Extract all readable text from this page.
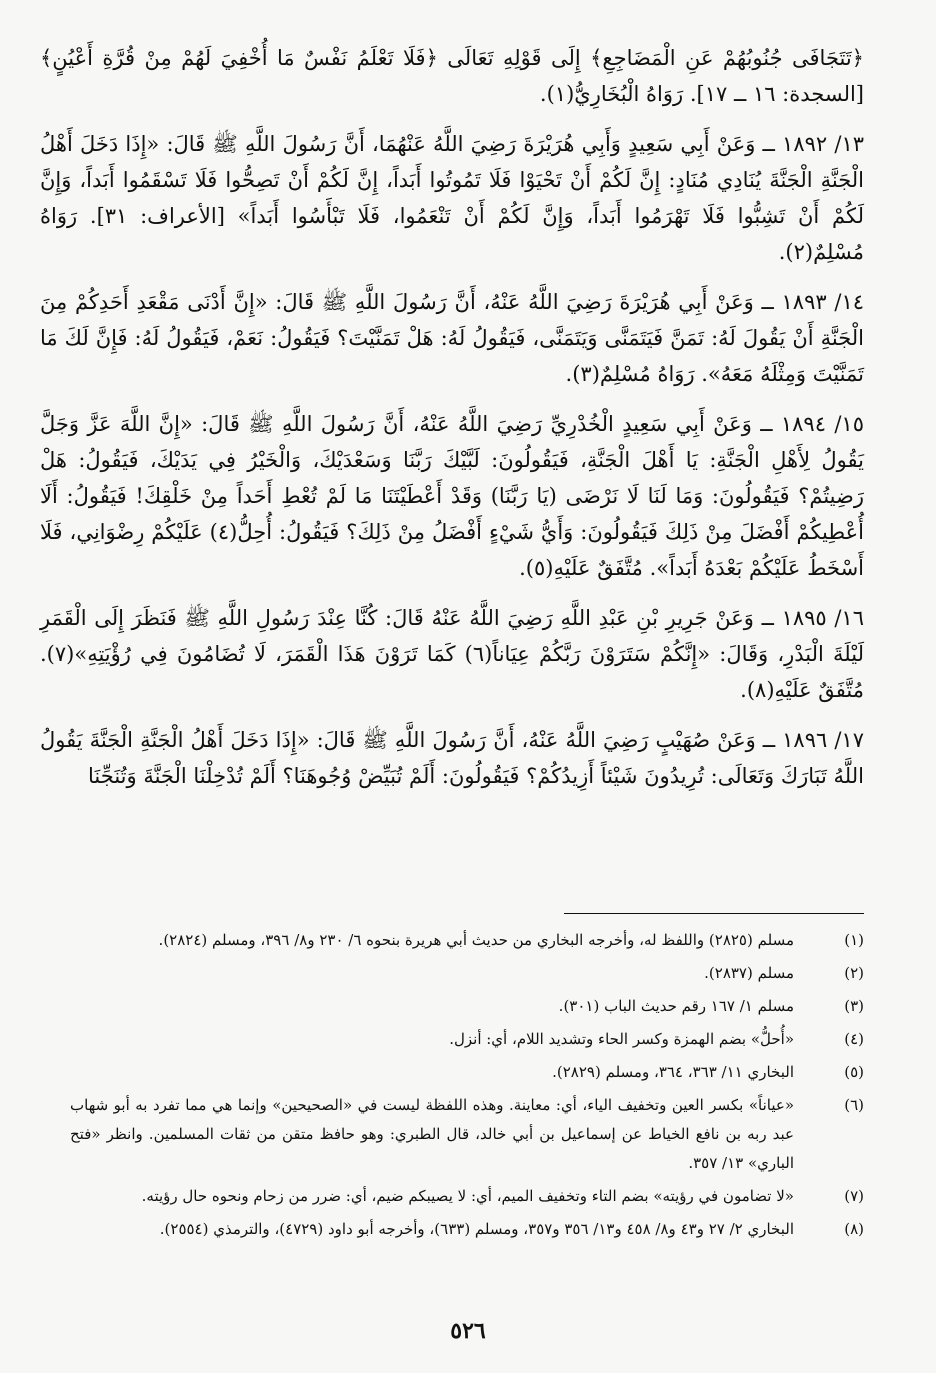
﴿تَتَجَافَى جُنُوبُهُمْ عَنِ الْمَضَاجِعِ﴾ إِلَى قَوْلِهِ تَعَالَى ﴿فَلَا تَعْلَمُ نَفْسٌ مَا أُخْفِيَ لَهُمْ مِنْ قُرَّةِ أَعْيُنٍ﴾ [السجدة: ١٦ ــ ١٧]. رَوَاهُ الْبُخَارِيُّ(١).

١٣/ ١٨٩٢ ــ وَعَنْ أَبِي سَعِيدٍ وَأَبِي هُرَيْرَةَ رَضِيَ اللَّهُ عَنْهُمَا، أَنَّ رَسُولَ اللَّهِ ﷺ قَالَ: «إِذَا دَخَلَ أَهْلُ الْجَنَّةِ الْجَنَّةَ يُنَادِي مُنَادٍ: إِنَّ لَكُمْ أَنْ تَحْيَوْا فَلَا تَمُوتُوا أَبَداً، إِنَّ لَكُمْ أَنْ تَصِحُّوا فَلَا تَسْقَمُوا أَبَداً، وَإِنَّ لَكُمْ أَنْ تَشِبُّوا فَلَا تَهْرَمُوا أَبَداً، وَإِنَّ لَكُمْ أَنْ تَنْعَمُوا، فَلَا تَبْأَسُوا أَبَداً» [الأعراف: ٣١]. رَوَاهُ مُسْلِمٌ(٢).

١٤/ ١٨٩٣ ــ وَعَنْ أَبِي هُرَيْرَةَ رَضِيَ اللَّهُ عَنْهُ، أَنَّ رَسُولَ اللَّهِ ﷺ قَالَ: «إِنَّ أَدْنَى مَقْعَدِ أَحَدِكُمْ مِنَ الْجَنَّةِ أَنْ يَقُولَ لَهُ: تَمَنَّ فَيَتَمَنَّى وَيَتَمَنَّى، فَيَقُولُ لَهُ: هَلْ تَمَنَّيْتَ؟ فَيَقُولُ: نَعَمْ، فَيَقُولُ لَهُ: فَإِنَّ لَكَ مَا تَمَنَّيْتَ وَمِثْلَهُ مَعَهُ». رَوَاهُ مُسْلِمٌ(٣).

١٥/ ١٨٩٤ ــ وَعَنْ أَبِي سَعِيدٍ الْخُدْرِيِّ رَضِيَ اللَّهُ عَنْهُ، أَنَّ رَسُولَ اللَّهِ ﷺ قَالَ: «إِنَّ اللَّهَ عَزَّ وَجَلَّ يَقُولُ لِأَهْلِ الْجَنَّةِ: يَا أَهْلَ الْجَنَّةِ، فَيَقُولُونَ: لَبَّيْكَ رَبَّنَا وَسَعْدَيْكَ، وَالْخَيْرُ فِي يَدَيْكَ، فَيَقُولُ: هَلْ رَضِيتُمْ؟ فَيَقُولُونَ: وَمَا لَنَا لَا نَرْضَى (يَا رَبَّنَا) وَقَدْ أَعْطَيْتَنَا مَا لَمْ تُعْطِ أَحَداً مِنْ خَلْقِكَ! فَيَقُولُ: أَلَا أُعْطِيكُمْ أَفْضَلَ مِنْ ذَلِكَ فَيَقُولُونَ: وَأَيُّ شَيْءٍ أَفْضَلُ مِنْ ذَلِكَ؟ فَيَقُولُ: أُحِلُّ(٤) عَلَيْكُمْ رِضْوَانِي، فَلَا أَسْخَطُ عَلَيْكُمْ بَعْدَهُ أَبَداً». مُتَّفَقٌ عَلَيْهِ(٥).

١٦/ ١٨٩٥ ــ وَعَنْ جَرِيرِ بْنِ عَبْدِ اللَّهِ رَضِيَ اللَّهُ عَنْهُ قَالَ: كُنَّا عِنْدَ رَسُولِ اللَّهِ ﷺ فَنَظَرَ إِلَى الْقَمَرِ لَيْلَةَ الْبَدْرِ، وَقَالَ: «إِنَّكُمْ سَتَرَوْنَ رَبَّكُمْ عِيَاناً(٦) كَمَا تَرَوْنَ هَذَا الْقَمَرَ، لَا تُضَامُونَ فِي رُؤْيَتِهِ»(٧). مُتَّفَقٌ عَلَيْهِ(٨).

١٧/ ١٨٩٦ ــ وَعَنْ صُهَيْبٍ رَضِيَ اللَّهُ عَنْهُ، أَنَّ رَسُولَ اللَّهِ ﷺ قَالَ: «إِذَا دَخَلَ أَهْلُ الْجَنَّةِ الْجَنَّةَ يَقُولُ اللَّهُ تَبَارَكَ وَتَعَالَى: تُرِيدُونَ شَيْئاً أَزِيدُكُمْ؟ فَيَقُولُونَ: أَلَمْ تُبَيِّضْ وُجُوهَنَا؟ أَلَمْ تُدْخِلْنَا الْجَنَّةَ وَتُنَجِّنَا

(١)
مسلم (٢٨٢٥) واللفظ له، وأخرجه البخاري من حديث أبي هريرة بنحوه ٦/ ٢٣٠ و٨/ ٣٩٦، ومسلم (٢٨٢٤).
(٢)
مسلم (٢٨٣٧).
(٣)
مسلم ١/ ١٦٧ رقم حديث الباب (٣٠١).
(٤)
«أُحلُّ» بضم الهمزة وكسر الحاء وتشديد اللام، أي: أنزل.
(٥)
البخاري ١١/ ٣٦٣، ٣٦٤، ومسلم (٢٨٢٩).
(٦)
«عياناً» بكسر العين وتخفيف الياء، أي: معاينة. وهذه اللفظة ليست في «الصحيحين» وإنما هي مما تفرد به أبو شهاب عبد ربه بن نافع الخياط عن إسماعيل بن أبي خالد، قال الطبري: وهو حافظ متقن من ثقات المسلمين. وانظر «فتح الباري» ١٣/ ٣٥٧.
(٧)
«لا تضامون في رؤيته» بضم التاء وتخفيف الميم، أي: لا يصيبكم ضيم، أي: ضرر من زحام ونحوه حال رؤيته.
(٨)
البخاري ٢/ ٢٧ و٤٣ و٨/ ٤٥٨ و١٣/ ٣٥٦ و٣٥٧، ومسلم (٦٣٣)، وأخرجه أبو داود (٤٧٢٩)، والترمذي (٢٥٥٤).
٥٢٦
